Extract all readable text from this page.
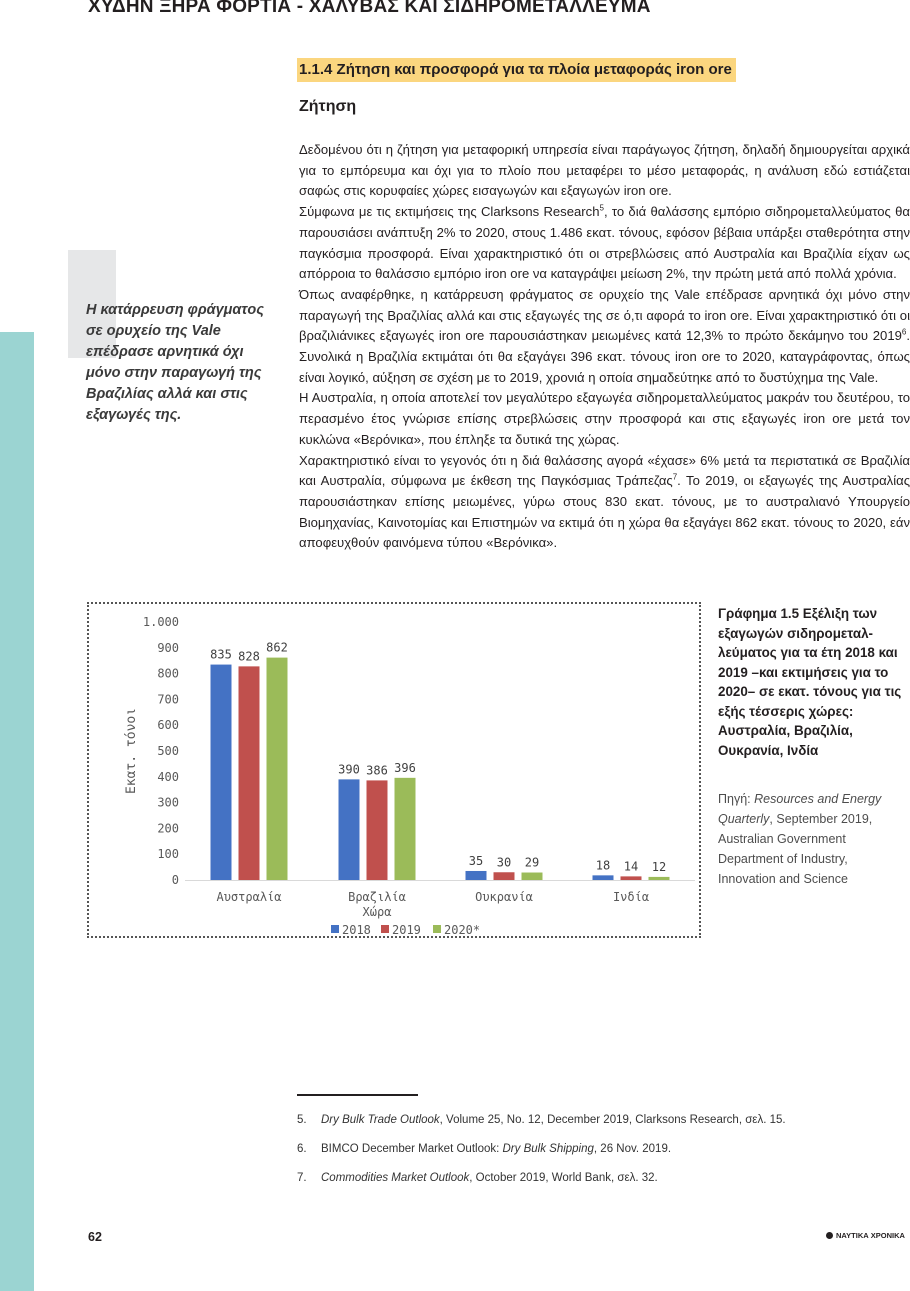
ΧΥΔΗΝ ΞΗΡΑ ΦΟΡΤΙΑ - ΧΑΛΥΒΑΣ ΚΑΙ ΣΙΔΗΡΟΜΕΤΑΛΛΕΥΜΑ
1.1.4 Ζήτηση και προσφορά για τα πλοία μεταφοράς iron ore
Ζήτηση

Δεδομένου ότι η ζήτηση για μεταφορική υπηρεσία είναι παράγωγος ζήτηση, δηλαδή δημιουργείται αρχικά για το εμπόρευμα και όχι για το πλοίο που μεταφέρει το μέσο μεταφοράς, η ανάλυση εδώ εστιάζεται σαφώς στις κορυφαίες χώρες εισαγωγών και εξαγωγών iron ore.

Σύμφωνα με τις εκτιμήσεις της Clarksons Research$^5$, το διά θαλάσσης εμπόριο σιδηρομεταλλεύματος θα παρουσιάσει ανάπτυξη 2% το 2020, στους 1.486 εκατ. τόνους, εφόσον βέβαια υπάρξει σταθερότητα στην παγκόσμια προσφορά. Είναι χαρακτηριστικό ότι οι στρεβλώσεις από Αυστραλία και Βραζιλία είχαν ως απόρροια το θαλάσσιο εμπόριο iron ore να καταγράψει μείωση 2%, την πρώτη μετά από πολλά χρόνια.

Όπως αναφέρθηκε, η κατάρρευση φράγματος σε ορυχείο της Vale επέδρασε αρνητικά όχι μόνο στην παραγωγή της Βραζιλίας αλλά και στις εξαγωγές της σε ό,τι αφορά το iron ore. Είναι χαρακτηριστικό ότι οι βραζιλιάνικες εξαγωγές iron ore παρουσιάστηκαν μειωμένες κατά 12,3% το πρώτο δεκάμηνο του 2019$^6$. Συνολικά η Βραζιλία εκτιμάται ότι θα εξαγάγει 396 εκατ. τόνους iron ore το 2020, καταγράφοντας, όπως είναι λογικό, αύξηση σε σχέση με το 2019, χρονιά η οποία σημαδεύτηκε από το δυστύχημα της Vale.

Η Αυστραλία, η οποία αποτελεί τον μεγαλύτερο εξαγωγέα σιδηρομεταλλεύματος μακράν του δευτέρου, το περασμένο έτος γνώρισε επίσης στρεβλώσεις στην προσφορά και στις εξαγωγές iron ore μετά τον κυκλώνα «Βερόνικα», που έπληξε τα δυτικά της χώρας.

Χαρακτηριστικό είναι το γεγονός ότι η διά θαλάσσης αγορά «έχασε» 6% μετά τα περιστατικά σε Βραζιλία και Αυστραλία, σύμφωνα με έκθεση της Παγκόσμιας Τράπεζας$^7$. Το 2019, οι εξαγωγές της Αυστραλίας παρουσιάστηκαν επίσης μειωμένες, γύρω στους 830 εκατ. τόνους, με το αυστραλιανό Υπουργείο Βιομηχανίας, Καινοτομίας και Επιστημών να εκτιμά ότι η χώρα θα εξαγάγει 862 εκατ. τόνους το 2020, εάν αποφευχθούν φαινόμενα τύπου «Βερόνικα».

Η κατάρρευση φράγματος σε ορυχείο της Vale επέδρασε αρνητικά όχι μόνο στην παραγωγή της Βραζιλίας αλλά και στις εξαγωγές της.
0
100
200
300
400
500
600
700
800
900
1.000
Εκατ. τόνοι
835 828
862
Αυστραλία
390 386 396
Βραζιλία
35 30 29
Ουκρανία
18 14 12
Ινδία
Χώρα
2018 2019 2020*
Γράφημα 1.5 Εξέλιξη των εξαγωγών σιδηρομεταλλεύματος για τα έτη 2018 και 2019 –και εκτιμήσεις για το 2020– σε εκατ. τόνους για τις εξής τέσσερις χώρες: Αυστραλία, Βραζιλία, Ουκρανία, Ινδία
Πηγή: Resources and Energy Quarterly, September 2019, Australian Government Department of Industry, Innovation and Science
5. Dry Bulk Trade Outlook, Volume 25, No. 12, December 2019, Clarksons Research, σελ. 15.
6. BIMCO December Market Outlook: Dry Bulk Shipping, 26 Nov. 2019.
7. Commodities Market Outlook, October 2019, World Bank, σελ. 32.
62	ΝΑΥΤΙΚΑ ΧΡΟΝΙΚΑ
